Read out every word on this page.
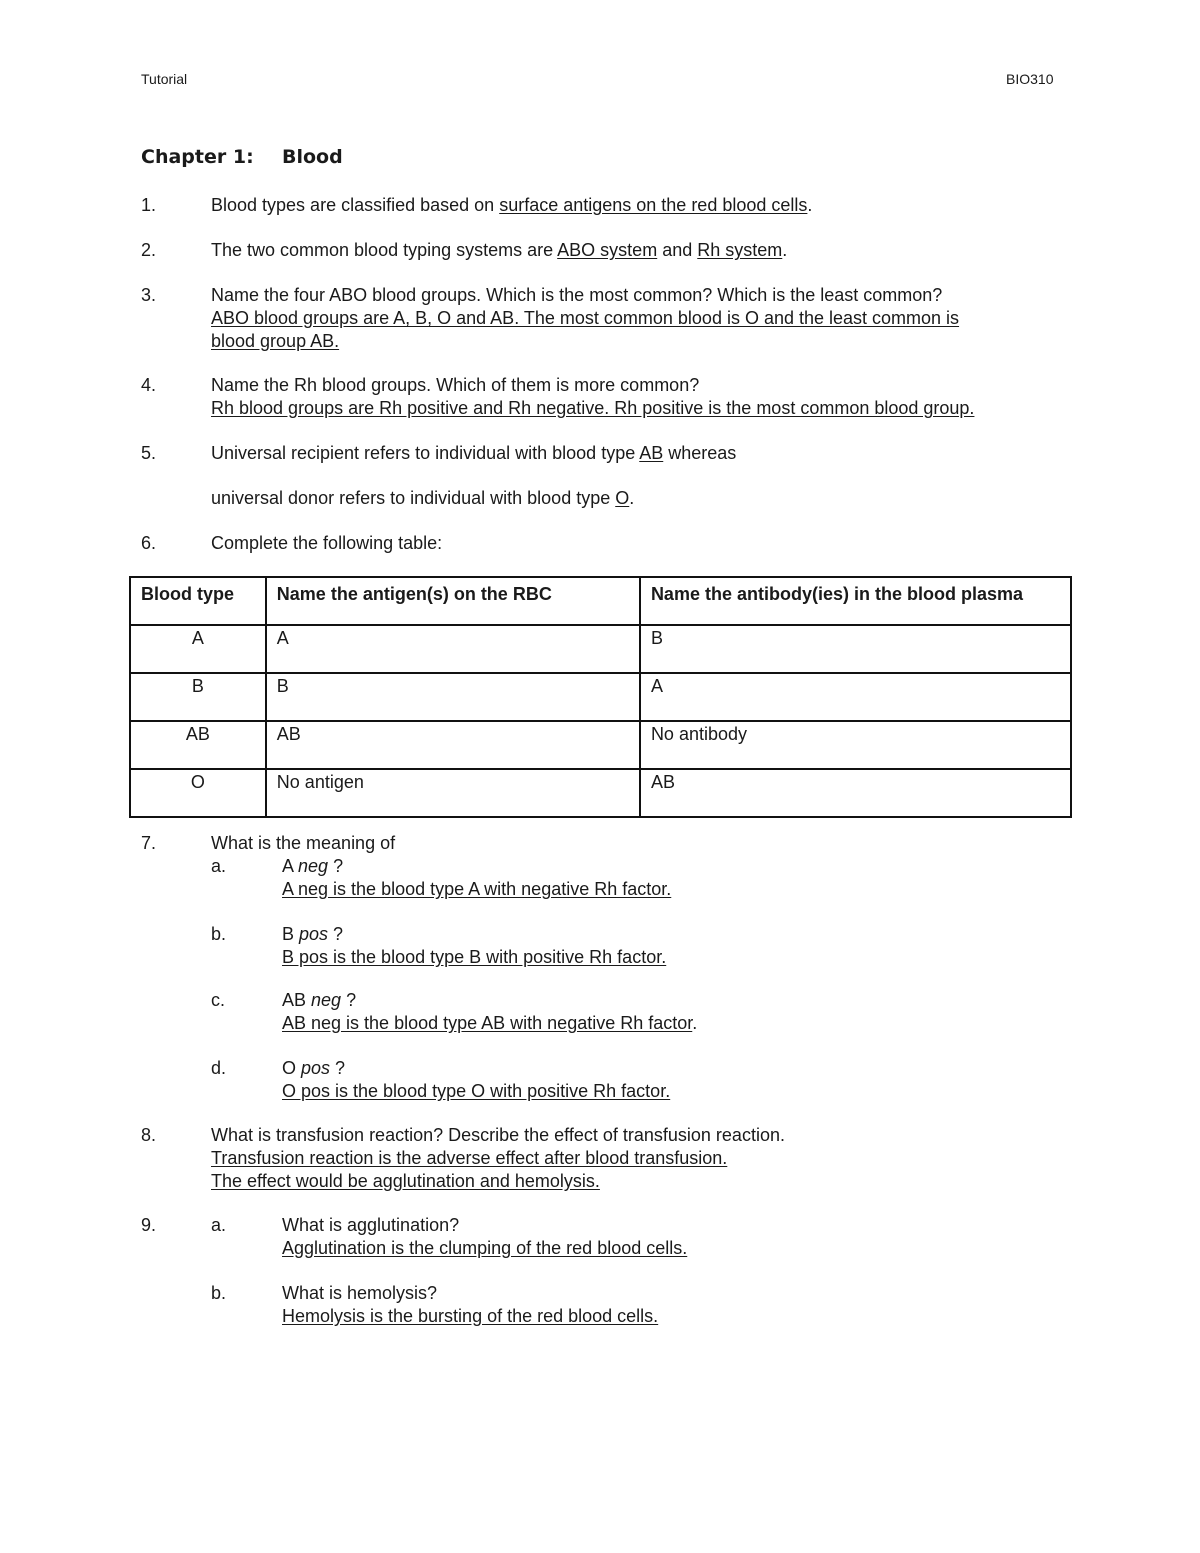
Tutorial	BIO310
Chapter 1: Blood
1.	Blood types are classified based on surface antigens on the red blood cells.
2.	The two common blood typing systems are ABO system and Rh system.
3.	Name the four ABO blood groups. Which is the most common? Which is the least common?
ABO blood groups are A, B, O and AB. The most common blood is O and the least common is
blood group AB.
4.	Name the Rh blood groups. Which of them is more common?
Rh blood groups are Rh positive and Rh negative. Rh positive is the most common blood group.
5.	Universal recipient refers to individual with blood type AB whereas
universal donor refers to individual with blood type O.
6.	Complete the following table:
Blood type	Name the antigen(s) on the RBC	Name the antibody(ies) in the blood plasma
A	A	B
B	B	A
AB	AB	No antibody
O	No antigen	AB
7.	What is the meaning of
a.	A neg ?
A neg is the blood type A with negative Rh factor.
b.	B pos ?
B pos is the blood type B with positive Rh factor.
c.	AB neg ?
AB neg is the blood type AB with negative Rh factor.
d.	O pos ?
O pos is the blood type O with positive Rh factor.
8.	What is transfusion reaction? Describe the effect of transfusion reaction.
Transfusion reaction is the adverse effect after blood transfusion.
The effect would be agglutination and hemolysis.
9.	a.	What is agglutination?
Agglutination is the clumping of the red blood cells.
b.	What is hemolysis?
Hemolysis is the bursting of the red blood cells.
